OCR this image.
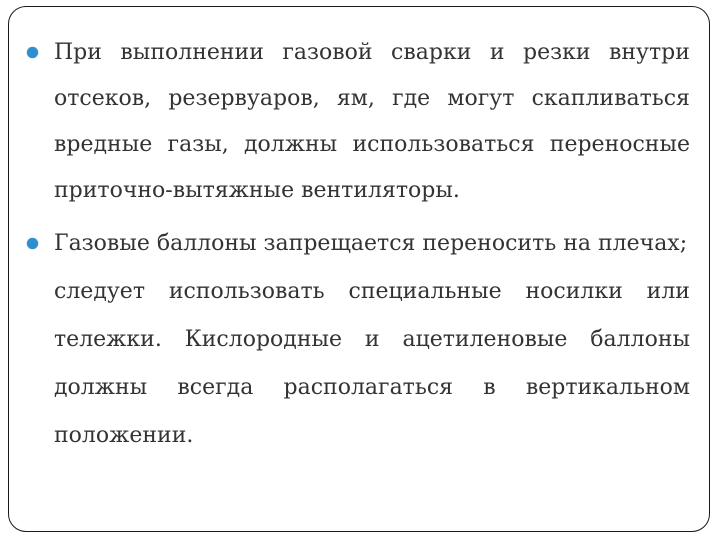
При выполнении газовой сварки и резки внутри
отсеков, резервуаров, ям, где могут скапливаться
вредные газы, должны использоваться переносные
приточно-вытяжные вентиляторы.
Газовые баллоны запрещается переносить на плечах;
следует использовать специальные носилки или
тележки. Кислородные и ацетиленовые баллоны
должны всегда располагаться в вертикальном
положении.
